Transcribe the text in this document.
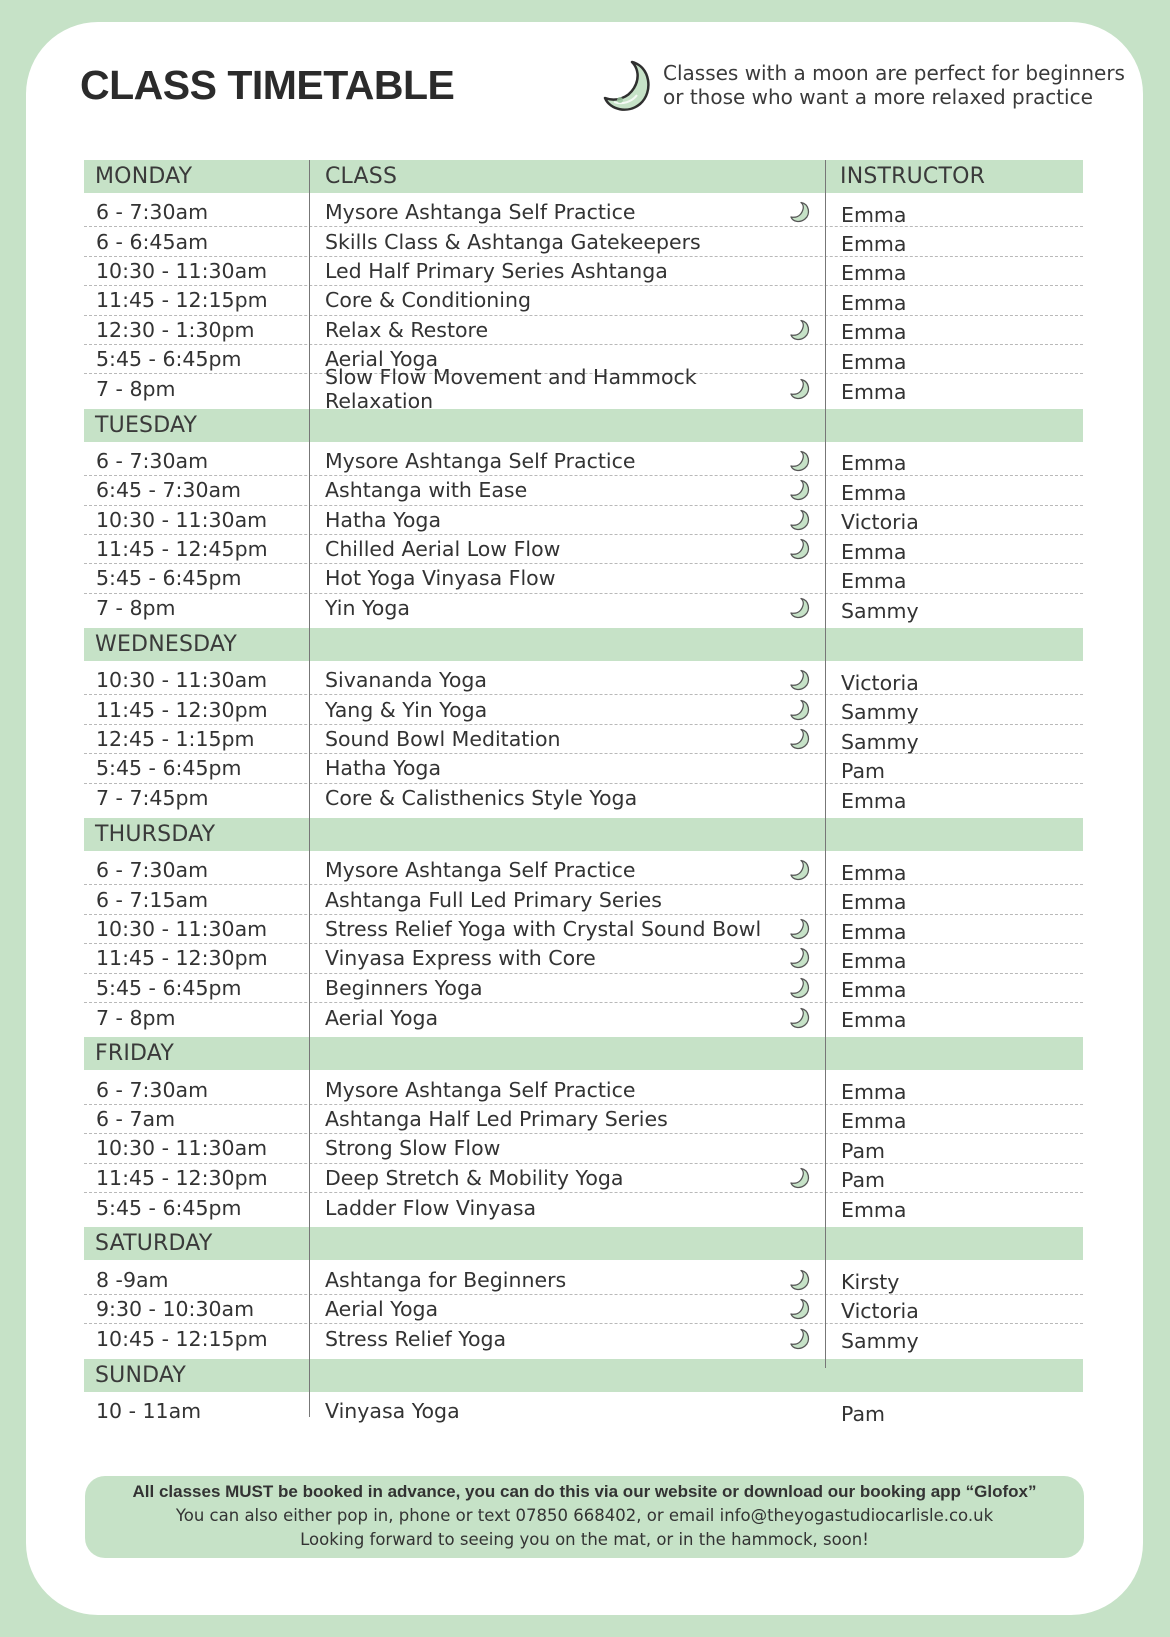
CLASS TIMETABLE	Classes with a moon are perfect for beginners
or those who want a more relaxed practice

MONDAY	CLASS	INSTRUCTOR
6 - 7:30am	Mysore Ashtanga Self Practice	Emma
6 - 6:45am	Skills Class & Ashtanga Gatekeepers	Emma
10:30 - 11:30am	Led Half Primary Series Ashtanga	Emma
11:45 - 12:15pm	Core & Conditioning	Emma
12:30 - 1:30pm	Relax & Restore	Emma
5:45 - 6:45pm	Aerial Yoga	Emma
7 - 8pm	Slow Flow Movement and Hammock Relaxation	Emma
TUESDAY
6 - 7:30am	Mysore Ashtanga Self Practice	Emma
6:45 - 7:30am	Ashtanga with Ease	Emma
10:30 - 11:30am	Hatha Yoga	Victoria
11:45 - 12:45pm	Chilled Aerial Low Flow	Emma
5:45 - 6:45pm	Hot Yoga Vinyasa Flow	Emma
7 - 8pm	Yin Yoga	Sammy
WEDNESDAY
10:30 - 11:30am	Sivananda Yoga	Victoria
11:45 - 12:30pm	Yang & Yin Yoga	Sammy
12:45 - 1:15pm	Sound Bowl Meditation	Sammy
5:45 - 6:45pm	Hatha Yoga	Pam
7 - 7:45pm	Core & Calisthenics Style Yoga	Emma
THURSDAY
6 - 7:30am	Mysore Ashtanga Self Practice	Emma
6 - 7:15am	Ashtanga Full Led Primary Series	Emma
10:30 - 11:30am	Stress Relief Yoga with Crystal Sound Bowl	Emma
11:45 - 12:30pm	Vinyasa Express with Core	Emma
5:45 - 6:45pm	Beginners Yoga	Emma
7 - 8pm	Aerial Yoga	Emma
FRIDAY
6 - 7:30am	Mysore Ashtanga Self Practice	Emma
6 - 7am	Ashtanga Half Led Primary Series	Emma
10:30 - 11:30am	Strong Slow Flow	Pam
11:45 - 12:30pm	Deep Stretch & Mobility Yoga	Pam
5:45 - 6:45pm	Ladder Flow Vinyasa	Emma
SATURDAY
8 -9am	Ashtanga for Beginners	Kirsty
9:30 - 10:30am	Aerial Yoga	Victoria
10:45 - 12:15pm	Stress Relief Yoga	Sammy
SUNDAY
10 - 11am	Vinyasa Yoga	Pam
All classes MUST be booked in advance, you can do this via our website or download our booking app “Glofox”
You can also either pop in, phone or text 07850 668402, or email info@theyogastudiocarlisle.co.uk
Looking forward to seeing you on the mat, or in the hammock, soon!
